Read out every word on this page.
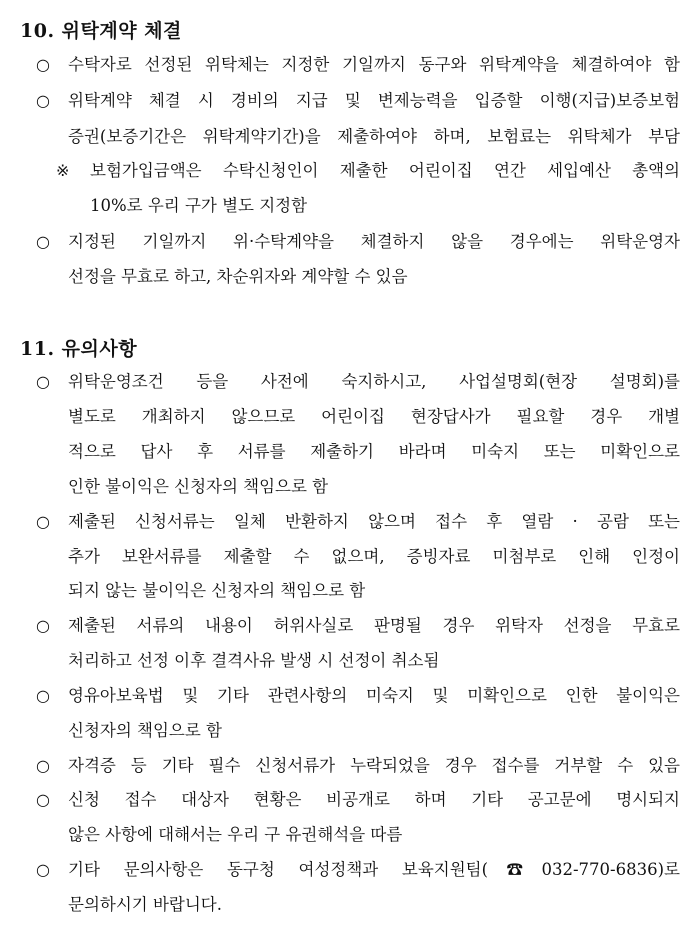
10. 위탁계약 체결
○ 수탁자로 선정된 위탁체는 지정한 기일까지 동구와 위탁계약을 체결하여야 함
○ 위탁계약 체결 시 경비의 지급 및 변제능력을 입증할 이행(지급)보증보험
증권(보증기간은 위탁계약기간)을 제출하여야 하며, 보험료는 위탁체가 부담
※ 보험가입금액은 수탁신청인이 제출한 어린이집 연간 세입예산 총액의
10%로 우리 구가 별도 지정함
○ 지정된 기일까지 위·수탁계약을 체결하지 않을 경우에는 위탁운영자
선정을 무효로 하고, 차순위자와 계약할 수 있음
11. 유의사항
○ 위탁운영조건 등을 사전에 숙지하시고, 사업설명회(현장 설명회)를
별도로 개최하지 않으므로 어린이집 현장답사가 필요할 경우 개별
적으로 답사 후 서류를 제출하기 바라며 미숙지 또는 미확인으로
인한 불이익은 신청자의 책임으로 함
○ 제출된 신청서류는 일체 반환하지 않으며 접수 후 열람 · 공람 또는
추가 보완서류를 제출할 수 없으며, 증빙자료 미첨부로 인해 인정이
되지 않는 불이익은 신청자의 책임으로 함
○ 제출된 서류의 내용이 허위사실로 판명될 경우 위탁자 선정을 무효로
처리하고 선정 이후 결격사유 발생 시 선정이 취소됨
○ 영유아보육법 및 기타 관련사항의 미숙지 및 미확인으로 인한 불이익은
신청자의 책임으로 함
○ 자격증 등 기타 필수 신청서류가 누락되었을 경우 접수를 거부할 수 있음
○ 신청 접수 대상자 현황은 비공개로 하며 기타 공고문에 명시되지
않은 사항에 대해서는 우리 구 유권해석을 따름
○ 기타 문의사항은 동구청 여성정책과 보육지원팀(☎032-770-6836)로
문의하시기 바랍니다.
